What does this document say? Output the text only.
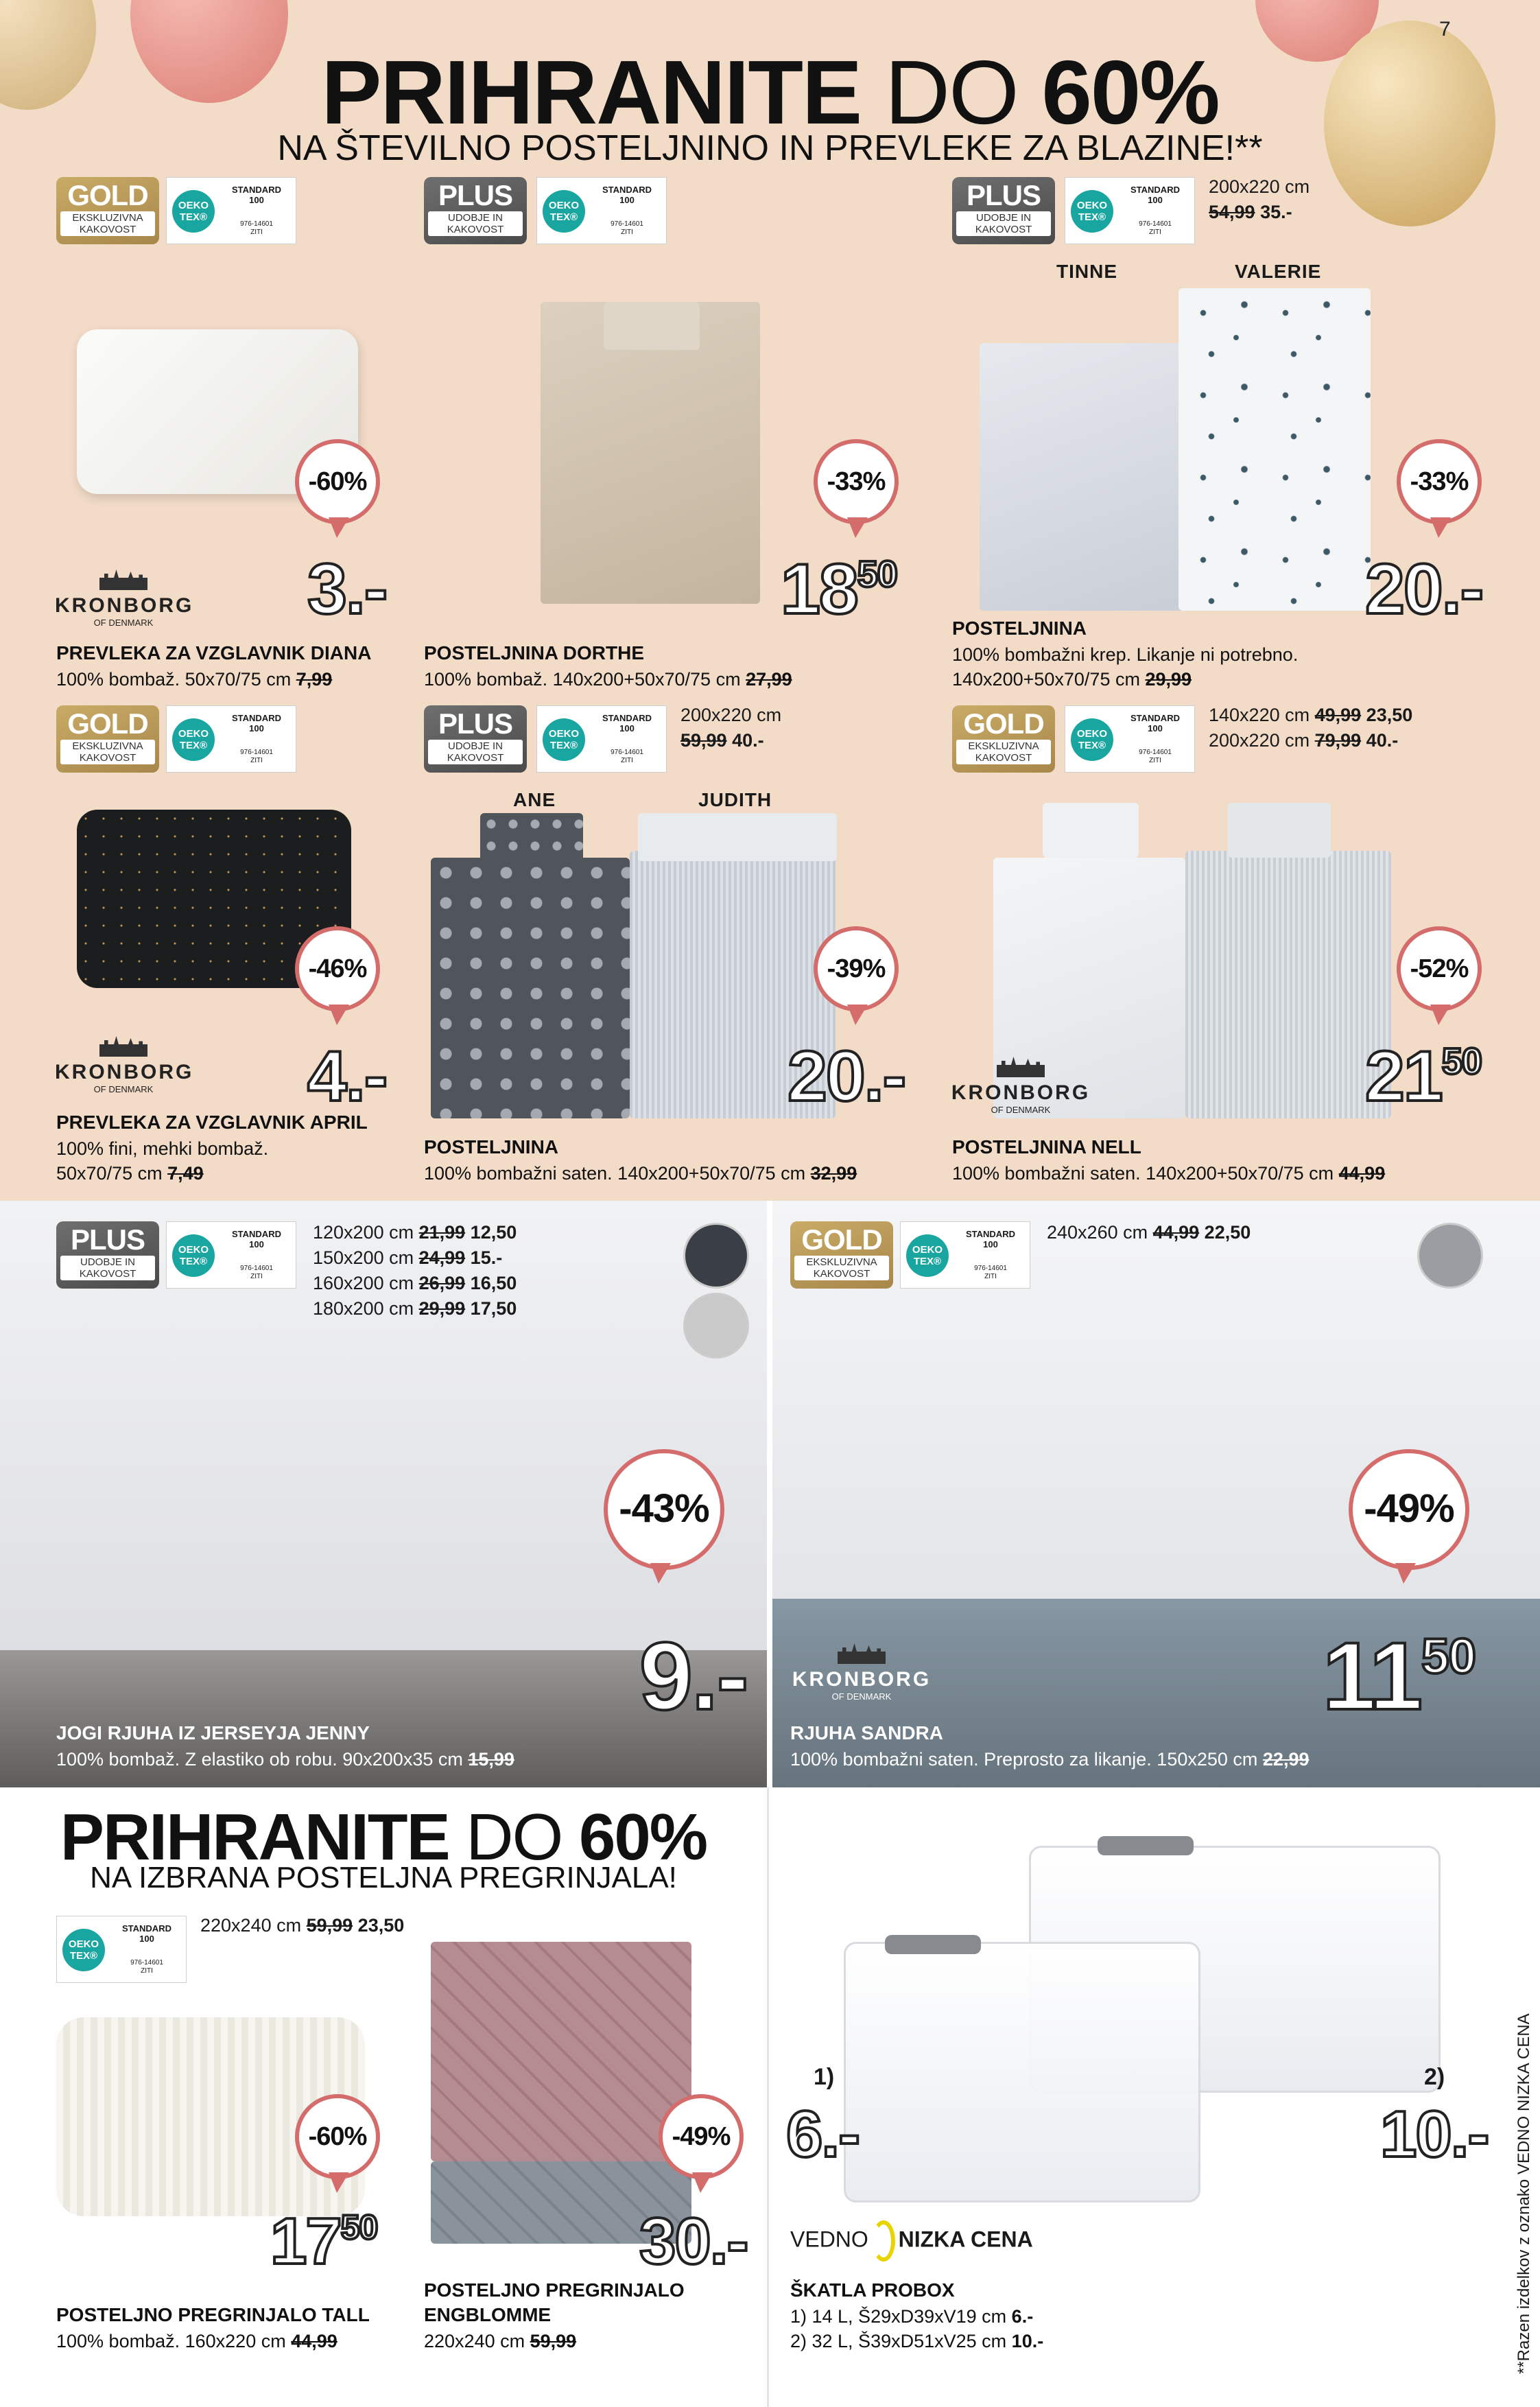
7
PRIHRANITE DO 60%
NA ŠTEVILNO POSTELJNINO IN PREVLEKE ZA BLAZINE!**
GOLD
EKSKLUZIVNA
KAKOVOST
OEKO
TEX®
STANDARD
100
976-14601
ZITI
PLUS
UDOBJE IN
KAKOVOST
OEKO
TEX®
STANDARD
100
976-14601
ZITI
PLUS
UDOBJE IN
KAKOVOST
OEKO
TEX®
STANDARD
100
976-14601
ZITI
200x220 cm
54,99 35.-
-60%
KRONBORG
OF DENMARK	3.-
PREVLEKA ZA VZGLAVNIK DIANA
100% bombaž. 50x70/75 cm 7,99
-33%
$18^{50}$
POSTELJNINA DORTHE
100% bombaž. 140x200+50x70/75 cm 27,99
TINNE	VALERIE
-33%
20.-
POSTELJNINA
100% bombažni krep. Likanje ni potrebno.
140x200+50x70/75 cm 29,99
GOLD
EKSKLUZIVNA
KAKOVOST
OEKO
TEX®
STANDARD
100
976-14601
ZITI
PLUS
UDOBJE IN
KAKOVOST
OEKO
TEX®
STANDARD
100
976-14601
ZITI
200x220 cm
59,99 40.-
GOLD
EKSKLUZIVNA
KAKOVOST
OEKO
TEX®
STANDARD
100
976-14601
ZITI
140x220 cm 49,99 23,50
200x220 cm 79,99 40.-
-46%
KRONBORG
OF DENMARK	4.-
PREVLEKA ZA VZGLAVNIK APRIL
100% fini, mehki bombaž.
50x70/75 cm 7,49
ANE	JUDITH
-39%
20.-
POSTELJNINA
100% bombažni saten. 140x200+50x70/75 cm 32,99
-52%
KRONBORG
OF DENMARK	$21^{50}$
POSTELJNINA NELL
100% bombažni saten. 140x200+50x70/75 cm 44,99
PLUS
UDOBJE IN
KAKOVOST
OEKO
TEX®
STANDARD
100
976-14601
ZITI
120x200 cm 21,99 12,50
150x200 cm 24,99 15.-
160x200 cm 26,99 16,50
180x200 cm 29,99 17,50
-43%
9.-
JOGI RJUHA IZ JERSEYJA JENNY
100% bombaž. Z elastiko ob robu. 90x200x35 cm 15,99
GOLD
EKSKLUZIVNA
KAKOVOST
OEKO
TEX®
STANDARD
100
976-14601
ZITI
240x260 cm 44,99 22,50
-49%
KRONBORG
OF DENMARK	$11^{50}$
RJUHA SANDRA
100% bombažni saten. Preprosto za likanje. 150x250 cm 22,99
PRIHRANITE DO 60%
NA IZBRANA POSTELJNA PREGRINJALA!
OEKO
TEX®
STANDARD
100
976-14601
ZITI
220x240 cm 59,99 23,50
-60%
$17^{50}$
POSTELJNO PREGRINJALO TALL
100% bombaž. 160x220 cm 44,99
-49%
30.-
POSTELJNO PREGRINJALO
ENGBLOMME
220x240 cm 59,99
1)
6.-
2)
10.-
VEDNO NIZKA CENA
ŠKATLA PROBOX
1) 14 L, Š29xD39xV19 cm 6.-
2) 32 L, Š39xD51xV25 cm 10.-	**Razen izdelkov z oznako VEDNO NIZKA CENA
